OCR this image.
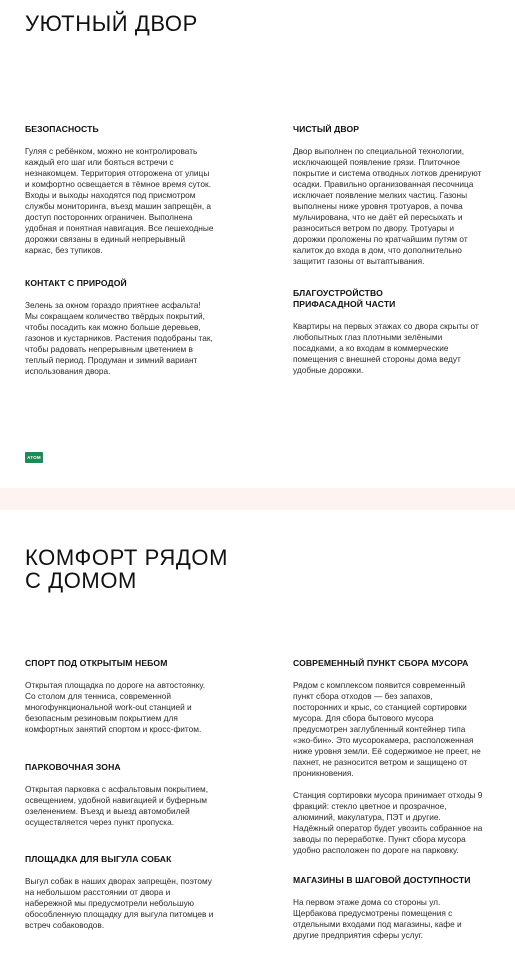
УЮТНЫЙ ДВОР
БЕЗОПАСНОСТЬ

Гуляя с ребёнком, можно не контролировать каждый его шаг или бояться встречи с незнакомцем. Территория отгорожена от улицы и комфортно освещается в тёмное время суток. Входы и выходы находятся под присмотром службы мониторинга, въезд машин запрещён, а доступ посторонних ограничен. Выполнена удобная и понятная навигация. Все пешеходные дорожки связаны в единый непрерывный каркас, без тупиков.

ЧИСТЫЙ ДВОР

Двор выполнен по специальной технологии, исключающей появление грязи. Плиточное покрытие и система отводных лотков дренируют осадки. Правильно организованная песочница исключает появление мелких частиц. Газоны выполнены ниже уровня тротуаров, а почва мульчирована, что не даёт ей пересыхать и разноситься ветром по двору. Тротуары и дорожки проложены по кратчайшим путям от калиток до входа в дом, что дополнительно защитит газоны от вытаптывания.

КОНТАКТ С ПРИРОДОЙ

Зелень за окном гораздо приятнее асфальта! Мы сокращаем количество твёрдых покрытий, чтобы посадить как можно больше деревьев, газонов и кустарников. Растения подобраны так, чтобы радовать непрерывным цветением в теплый период. Продуман и зимний вариант использования двора.

БЛАГОУСТРОЙСТВО
ПРИФАСАДНОЙ ЧАСТИ

Квартиры на первых этажах со двора скрыты от любопытных глаз плотными зелёными посадками, а ко входам в коммерческие помещения с внешней стороны дома ведут удобные дорожки.

АТОМ
КОМФОРТ РЯДОМ
С ДОМОМ
СПОРТ ПОД ОТКРЫТЫМ НЕБОМ

Открытая площадка по дороге на автостоянку. Со столом для тенниса, современной многофункциональной work-out станцией и безопасным резиновым покрытием для комфортных занятий спортом и кросс-фитом.

СОВРЕМЕННЫЙ ПУНКТ СБОРА МУСОРА

Рядом с комплексом появится современный пункт сбора отходов — без запахов, посторонних и крыс, со станцией сортировки мусора. Для сбора бытового мусора предусмотрен заглубленный контейнер типа «эко-бин». Это мусорокамера, расположенная ниже уровня земли. Её содержимое не преет, не пахнет, не разносится ветром и защищено от проникновения.

Станция сортировки мусора принимает отходы 9 фракций: стекло цветное и прозрачное, алюминий, макулатура, ПЭТ и другие. Надёжный оператор будет увозить собранное на заводы по переработке. Пункт сбора мусора удобно расположен по дороге на парковку.

ПАРКОВОЧНАЯ ЗОНА

Открытая парковка с асфальтовым покрытием, освещением, удобной навигацией и буферным озеленением. Въезд и выезд автомобилей осуществляется через пункт пропуска.

ПЛОЩАДКА ДЛЯ ВЫГУЛА СОБАК

Выгул собак в наших дворах запрещён, поэтому на небольшом расстоянии от двора и набережной мы предусмотрели небольшую обособленную площадку для выгула питомцев и встреч собаководов.

МАГАЗИНЫ В ШАГОВОЙ ДОСТУПНОСТИ

На первом этаже дома со стороны ул. Щербакова предусмотрены помещения с отдельными входами под магазины, кафе и другие предприятия сферы услуг.
